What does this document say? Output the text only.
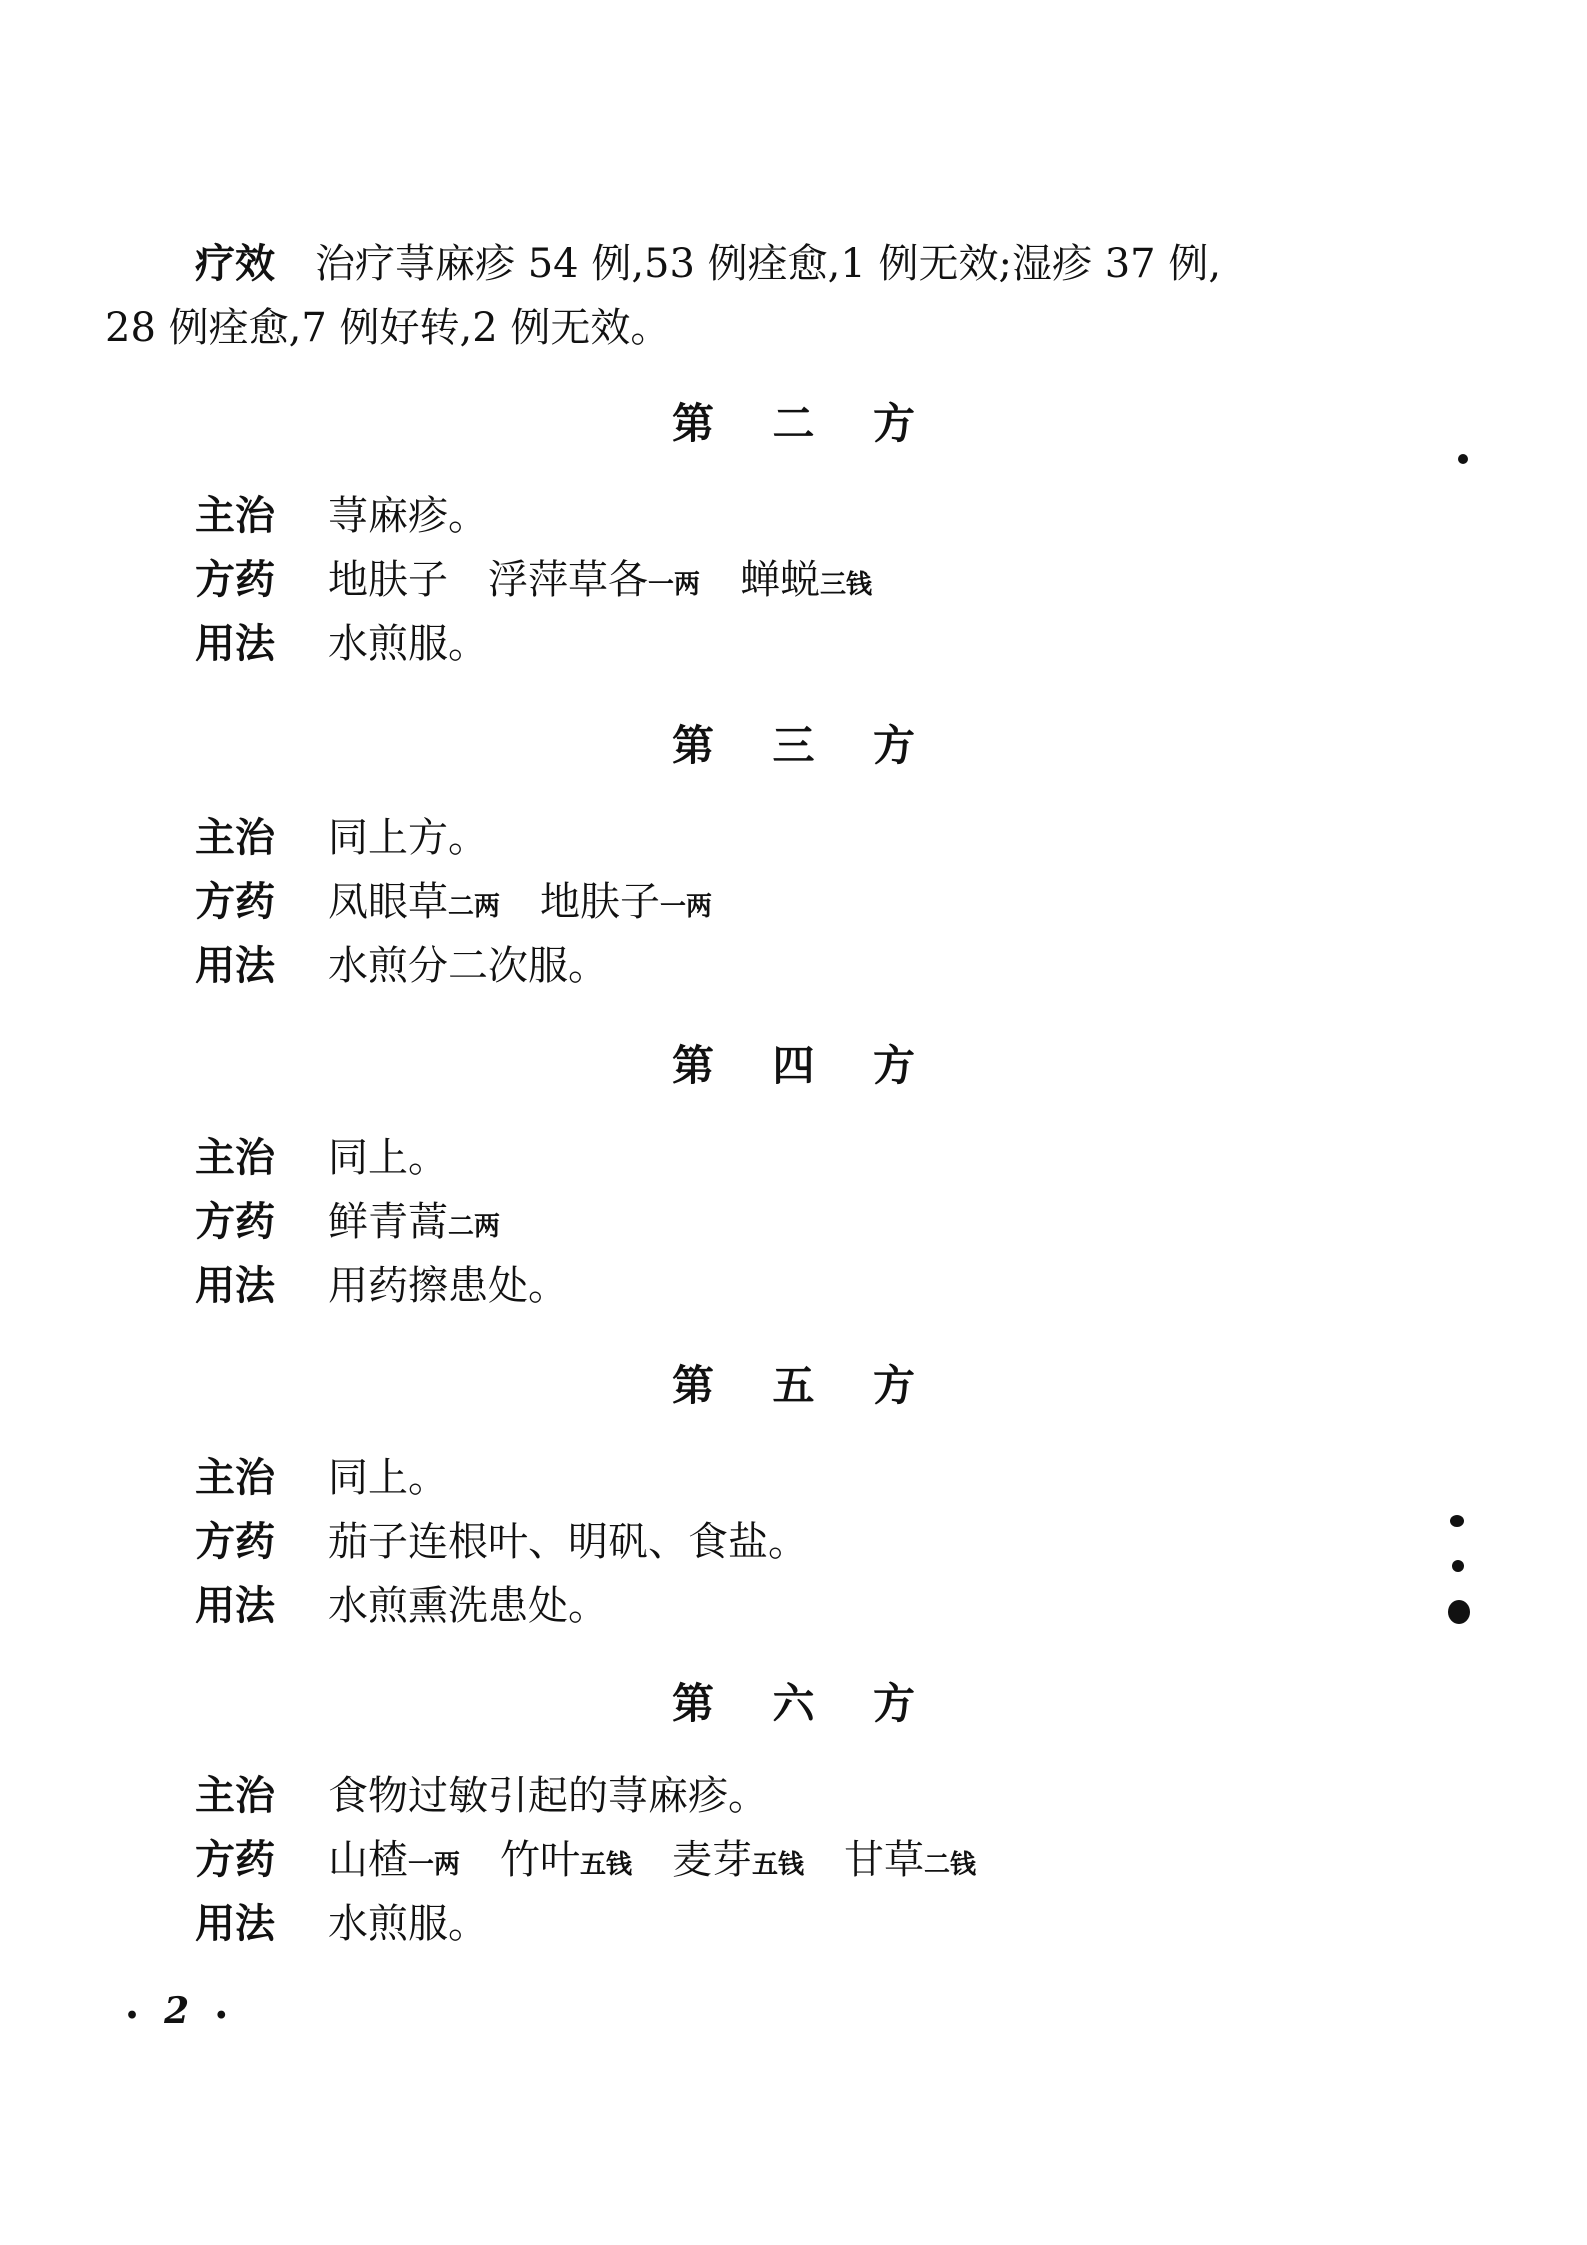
疗效 治疗荨麻疹 54 例,53 例痊愈,1 例无效;湿疹 37 例,
28 例痊愈,7 例好转,2 例无效。
第 二 方
主治 荨麻疹。
方药 地肤子 浮萍草各一两 蝉蜕三钱
用法 水煎服。
第 三 方
主治 同上方。
方药 凤眼草二两 地肤子一两
用法 水煎分二次服。
第 四 方
主治 同上。
方药 鲜青蒿二两
用法 用药擦患处。
第 五 方
主治 同上。
方药 茄子连根叶、明矾、食盐。
用法 水煎熏洗患处。
第 六 方
主治 食物过敏引起的荨麻疹。
方药 山楂一两 竹叶五钱 麦芽五钱 甘草二钱
用法 水煎服。
• 2 •
